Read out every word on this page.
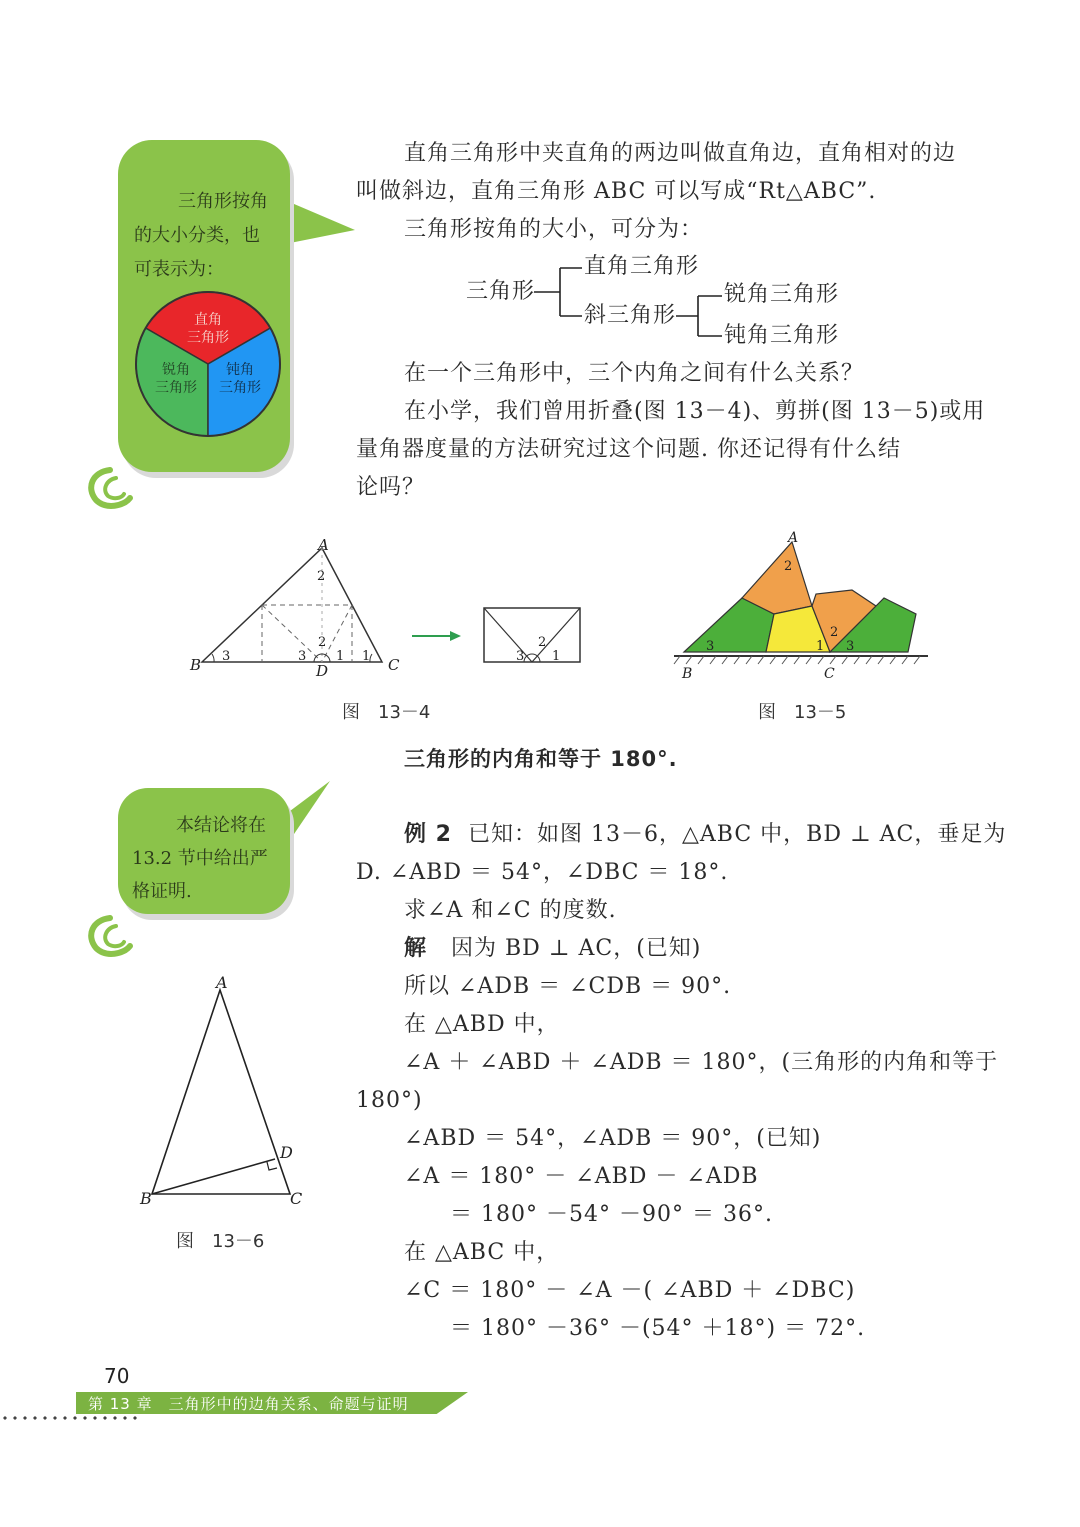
三角形按角
的大小分类，也
可表示为：
直角
三角形
锐角
三角形
钝角
三角形
直角三角形中夹直角的两边叫做直角边，直角相对的边
叫做斜边，直角三角形 ABC 可以写成“Rt△ABC”.
三角形按角的大小，可分为：
三角形
直角三角形
斜三角形
锐角三角形
钝角三角形
在一个三角形中，三个内角之间有什么关系？
在小学，我们曾用折叠(图 13－4)、剪拼(图 13－5)或用
量角器度量的方法研究过这个问题. 你还记得有什么结
论吗？
A
2
B 3	C
1
D
3
2
1	3
2
1
图　13－4
A
2
B
3
C
1
2
3
图　13－5
三角形的内角和等于 180°.
本结论将在
13.2 节中给出严
格证明.
例 2 已知：如图 13－6，△ABC 中，BD ⊥ AC，垂足为
D. ∠ABD ＝ 54°，∠DBC ＝ 18°.
求∠A 和∠C 的度数.
解 因为 BD ⊥ AC，(已知)
所以 ∠ADB ＝ ∠CDB ＝ 90°.
在 △ABD 中，
∠A ＋ ∠ABD ＋ ∠ADB ＝ 180°，(三角形的内角和等于
180°)
∠ABD ＝ 54°，∠ADB ＝ 90°，(已知)
∠A ＝ 180° － ∠ABD － ∠ADB
＝ 180° －54° －90° ＝ 36°.
在 △ABC 中，
∠C ＝ 180° － ∠A －( ∠ABD ＋ ∠DBC)
＝ 180° －36° －(54° ＋18°) ＝ 72°.
A
B	C
D
图　13－6
70
第 13 章　三角形中的边角关系、命题与证明
